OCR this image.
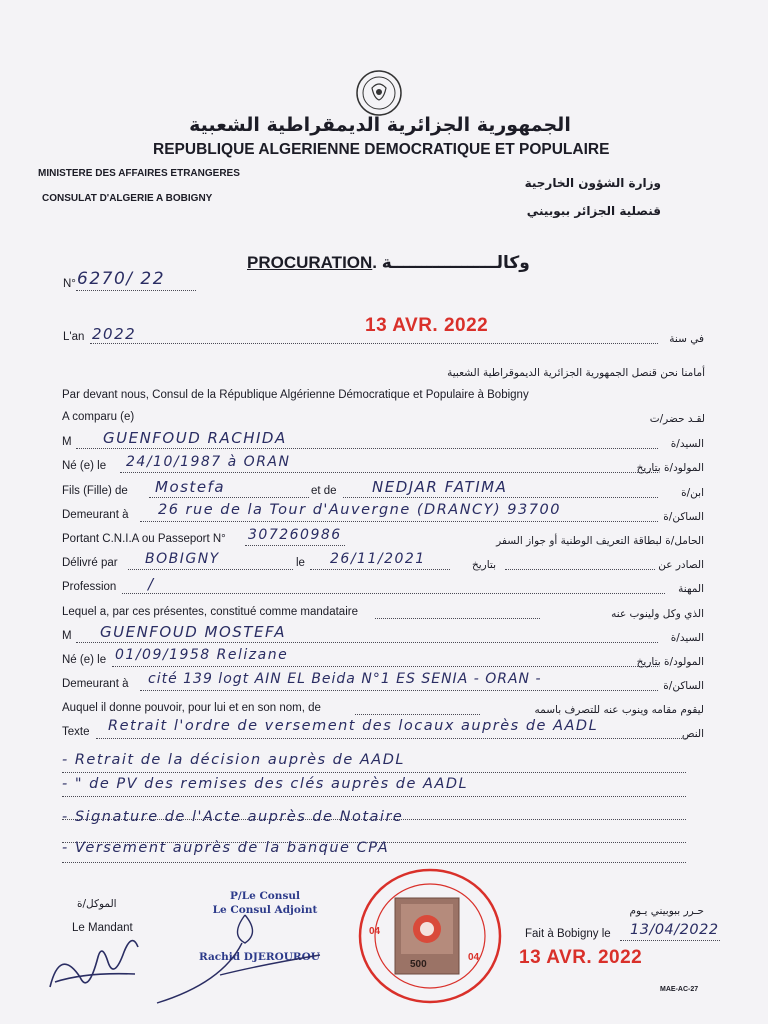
الجمهورية الجزائرية الديمقراطية الشعبية
REPUBLIQUE ALGERIENNE DEMOCRATIQUE ET POPULAIRE
MINISTERE DES AFFAIRES ETRANGERES
CONSULAT D'ALGERIE A BOBIGNY
وزارة الشؤون الخارجية
قنصلية الجزائر ببوبيني
PROCURATION. وكالــــــــــــــــــة
N° 6270/ 22
L'an 2022	في سنة
13 AVR. 2022
أمامنا نحن قنصل الجمهورية الجزائرية الديموقراطية الشعبية
Par devant nous, Consul de la République Algérienne Démocratique et Populaire à Bobigny
A comparu (e)	لقـد حضر/ت
M GUENFOUD RACHIDA	السيد/ة
Né (e) le 24/10/1987 à ORAN	المولود/ة بتاريخ
Fils (Fille) de Mostefa	et de NEDJAR FATIMA	ابن/ة
Demeurant à 26 rue de la Tour d'Auvergne (DRANCY) 93700	الساكن/ة
Portant C.N.I.A ou Passeport N° 307260986	الحامل/ة لبطاقة التعريف الوطنية أو جواز السفر
Délivré par BOBIGNY	le 26/11/2021	بتاريخ	الصادر عن
Profession /	المهنة
Lequel a, par ces présentes, constitué comme mandataire	الذي وكل ولينوب عنه
M GUENFOUD MOSTEFA	السيد/ة
Né (e) le 01/09/1958 Relizane	المولود/ة بتاريخ
Demeurant à cité 139 logt AIN EL Beida N°1 ES SENIA - ORAN -	الساكن/ة
Auquel il donne pouvoir, pour lui et en son nom, de	ليقوم مقامه وينوب عنه للتصرف باسمه
Texte	النص
Retrait l'ordre de versement des locaux auprès de AADL
- Retrait de la décision auprès de AADL
- " de PV des remises des clés auprès de AADL
- Signature de l'Acte auprès de Notaire
- Versement auprès de la banque CPA
الموكل/ة
Le Mandant
P/Le Consul
Le Consul Adjoint
Rachid DJEROUROU
500
04
04
حـرر ببوبيني يـوم
Fait à Bobigny le 13/04/2022
13 AVR. 2022
MAE-AC-27
